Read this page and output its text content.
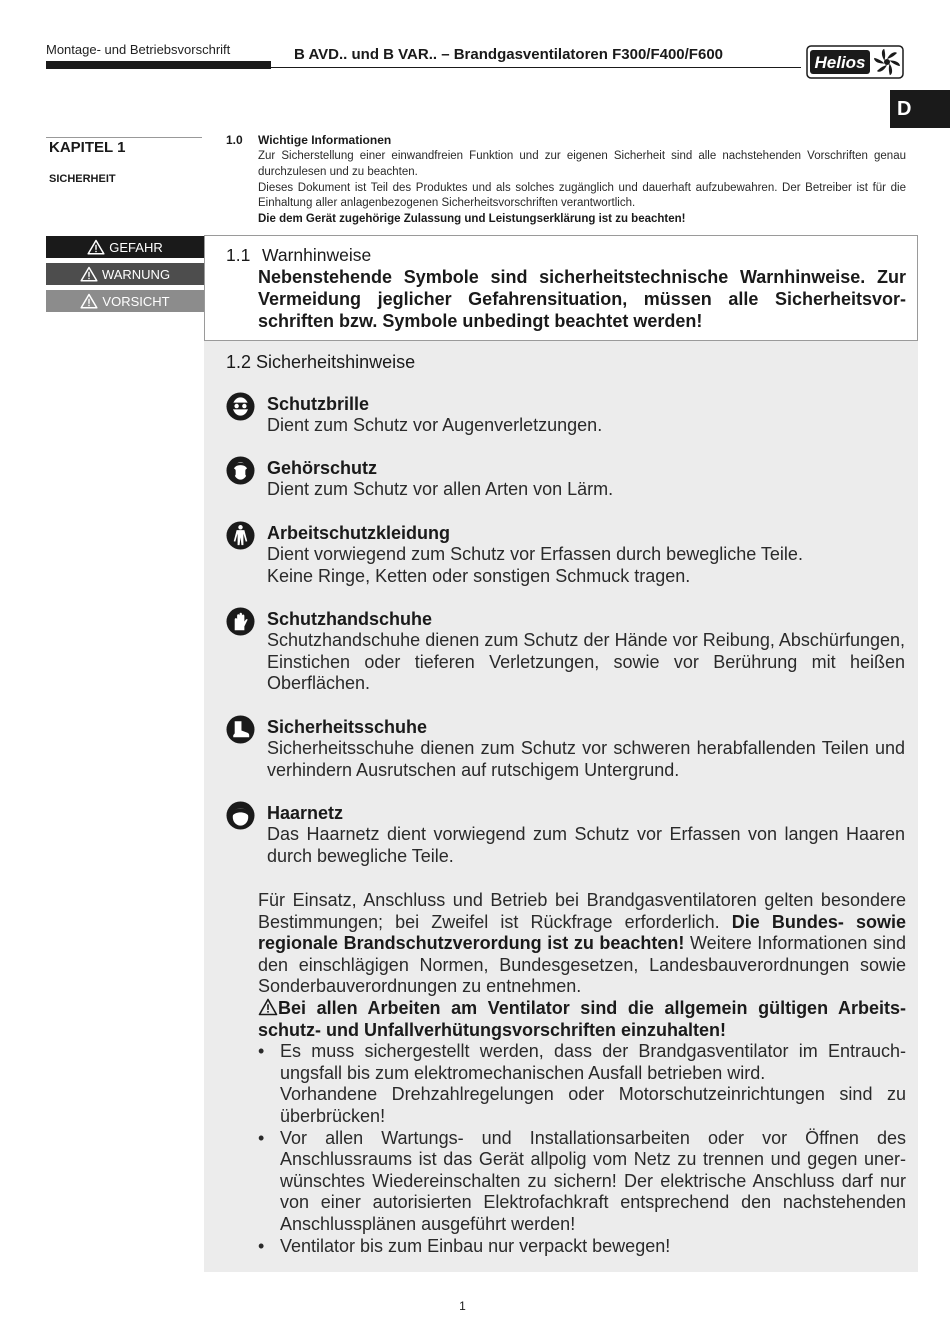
Montage- und Betriebsvorschrift	B AVD.. und B VAR.. – Brandgasventilatoren F300/F400/F600	Helios
D
KAPITEL 1
SICHERHEIT
GEFAHR
WARNUNG
VORSICHT
1.0 Wichtige Informationen

Zur Sicherstellung einer einwandfreien Funktion und zur eigenen Sicherheit sind alle nachstehenden Vorschriften genau durchzulesen und zu beachten.

Dieses Dokument ist Teil des Produktes und als solches zugänglich und dauerhaft aufzubewahren. Der Betreiber ist für die Einhaltung aller anlagenbezogenen Sicherheitsvorschriften verantwortlich.

Die dem Gerät zugehörige Zulassung und Leistungserklärung ist zu beachten!

1.1 Warnhinweise
Nebenstehende Symbole sind sicherheitstechnische Warnhinweise. Zur Vermeidung jeglicher Gefahrensituation, müssen alle Sicherheitsvorschriften bzw. Symbole unbedingt beachtet werden!
1.2 Sicherheitshinweise
Schutzbrille

Dient zum Schutz vor Augenverletzungen.

Gehörschutz

Dient zum Schutz vor allen Arten von Lärm.

Arbeitschutzkleidung

Dient vorwiegend zum Schutz vor Erfassen durch bewegliche Teile.

Keine Ringe, Ketten oder sonstigen Schmuck tragen.

Schutzhandschuhe

Schutzhandschuhe dienen zum Schutz der Hände vor Reibung, Abschürfungen, Einstichen oder tieferen Verletzungen, sowie vor Berührung mit heißen Oberflächen.

Sicherheitsschuhe

Sicherheitsschuhe dienen zum Schutz vor schweren herabfallenden Teilen und verhindern Ausrutschen auf rutschigem Untergrund.

Haarnetz

Das Haarnetz dient vorwiegend zum Schutz vor Erfassen von langen Haaren durch bewegliche Teile.

Für Einsatz, Anschluss und Betrieb bei Brandgasventilatoren gelten besondere Bestimmungen; bei Zweifel ist Rückfrage erforderlich. Die Bundes- sowie regionale Brandschutzverordung ist zu beachten! Weitere Informationen sind den einschlägigen Normen, Bundesgesetzen, Landesbauverordnungen sowie Sonderbauverordnungen zu entnehmen.

Bei allen Arbeiten am Ventilator sind die allgemein gültigen Arbeitsschutz- und Unfallverhütungsvorschriften einzuhalten!

• Es muss sichergestellt werden, dass der Brandgasventilator im Entrauchungsfall bis zum elektromechanischen Ausfall betrieben wird.
Vorhandene Drehzahlregelungen oder Motorschutzeinrichtungen sind zu überbrücken!
• Vor allen Wartungs- und Installationsarbeiten oder vor Öffnen des Anschlussraums ist das Gerät allpolig vom Netz zu trennen und gegen unerwünschtes Wiedereinschalten zu sichern! Der elektrische Anschluss darf nur von einer autorisierten Elektrofachkraft entsprechend den nachstehenden Anschlussplänen ausgeführt werden!
• Ventilator bis zum Einbau nur verpackt bewegen!
1
